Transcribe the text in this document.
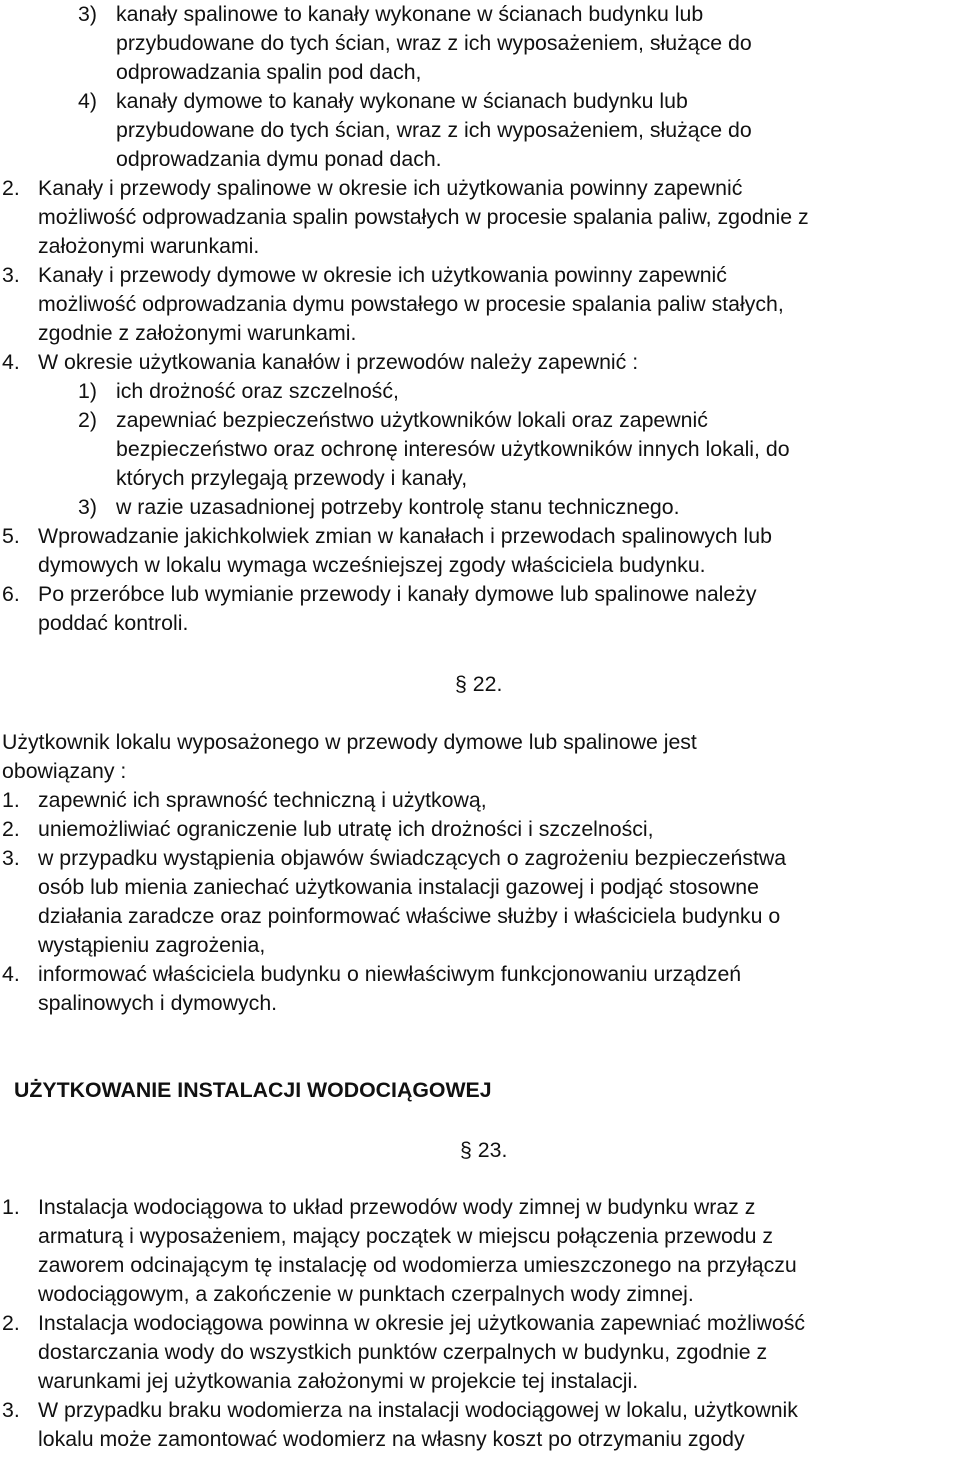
3) kanały spalinowe to kanały wykonane w ścianach budynku lub
przybudowane do tych ścian, wraz z ich wyposażeniem, służące do
odprowadzania spalin pod dach,
4) kanały dymowe to kanały wykonane w ścianach budynku lub
przybudowane do tych ścian, wraz z ich wyposażeniem, służące do
odprowadzania dymu ponad dach.
2. Kanały i przewody spalinowe w okresie ich użytkowania powinny zapewnić
możliwość odprowadzania spalin powstałych w procesie spalania paliw, zgodnie z
założonymi warunkami.
3. Kanały i przewody dymowe w okresie ich użytkowania powinny zapewnić
możliwość odprowadzania dymu powstałego w procesie spalania paliw stałych,
zgodnie z założonymi warunkami.
4. W okresie użytkowania kanałów i przewodów należy zapewnić :
1) ich drożność oraz szczelność,
2) zapewniać bezpieczeństwo użytkowników lokali oraz zapewnić
bezpieczeństwo oraz ochronę interesów użytkowników innych lokali, do
których przylegają przewody i kanały,
3) w razie uzasadnionej potrzeby kontrolę stanu technicznego.
5. Wprowadzanie jakichkolwiek zmian w kanałach i przewodach spalinowych lub
dymowych w lokalu wymaga wcześniejszej zgody właściciela budynku.
6. Po przeróbce lub wymianie przewody i kanały dymowe lub spalinowe należy
poddać kontroli.
§ 22.
Użytkownik lokalu wyposażonego w przewody dymowe lub spalinowe jest
obowiązany :
1. zapewnić ich sprawność techniczną i użytkową,
2. uniemożliwiać ograniczenie lub utratę ich drożności i szczelności,
3. w przypadku wystąpienia objawów świadczących o zagrożeniu bezpieczeństwa
osób lub mienia zaniechać użytkowania instalacji gazowej i podjąć stosowne
działania zaradcze oraz poinformować właściwe służby i właściciela budynku o
wystąpieniu zagrożenia,
4. informować właściciela budynku o niewłaściwym funkcjonowaniu urządzeń
spalinowych i dymowych.
UŻYTKOWANIE INSTALACJI WODOCIĄGOWEJ
§ 23.
1. Instalacja wodociągowa to układ przewodów wody zimnej w budynku wraz z
armaturą i wyposażeniem, mający początek w miejscu połączenia przewodu z
zaworem odcinającym tę instalację od wodomierza umieszczonego na przyłączu
wodociągowym, a zakończenie w punktach czerpalnych wody zimnej.
2. Instalacja wodociągowa powinna w okresie jej użytkowania zapewniać możliwość
dostarczania wody do wszystkich punktów czerpalnych w budynku, zgodnie z
warunkami jej użytkowania założonymi w projekcie tej instalacji.
3. W przypadku braku wodomierza na instalacji wodociągowej w lokalu, użytkownik
lokalu może zamontować wodomierz na własny koszt po otrzymaniu zgody
